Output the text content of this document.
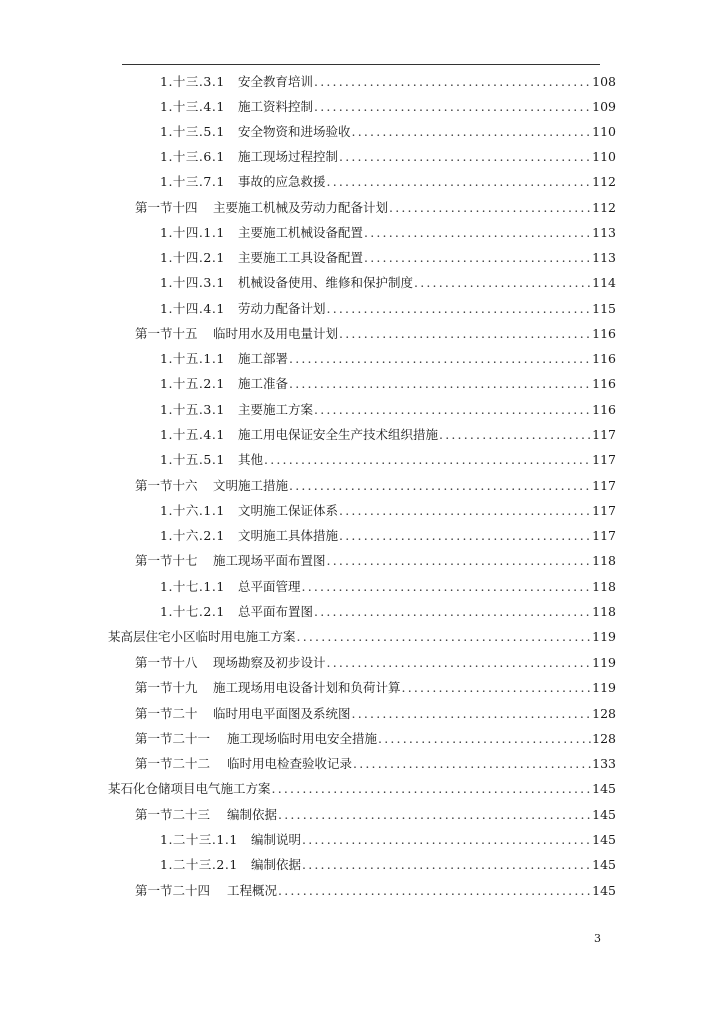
1.十三.3.1	安全教育培训 .....	108
1.十三.4.1	施工资料控制 .....	109
1.十三.5.1	安全物资和进场验收 .....	110
1.十三.6.1	施工现场过程控制 .....	110
1.十三.7.1	事故的应急救援 .....	112
第一节十四	主要施工机械及劳动力配备计划 .....	112
1.十四.1.1	主要施工机械设备配置 .....	113
1.十四.2.1	主要施工工具设备配置 .....	113
1.十四.3.1	机械设备使用、维修和保护制度 .....	114
1.十四.4.1	劳动力配备计划 .....	115
第一节十五	临时用水及用电量计划 .....	116
1.十五.1.1	施工部署 .....	116
1.十五.2.1	施工准备 .....	116
1.十五.3.1	主要施工方案 .....	116
1.十五.4.1	施工用电保证安全生产技术组织措施 .....	117
1.十五.5.1	其他 .....	117
第一节十六	文明施工措施 .....	117
1.十六.1.1	文明施工保证体系 .....	117
1.十六.2.1	文明施工具体措施 .....	117
第一节十七	施工现场平面布置图 .....	118
1.十七.1.1	总平面管理 .....	118
1.十七.2.1	总平面布置图 .....	118
某高层住宅小区临时用电施工方案 .....	119
第一节十八	现场勘察及初步设计 .....	119
第一节十九	施工现场用电设备计划和负荷计算 .....	119
第一节二十	临时用电平面图及系统图 .....	128
第一节二十一	施工现场临时用电安全措施 .....	128
第一节二十二	临时用电检查验收记录 .....	133
某石化仓储项目电气施工方案 .....	145
第一节二十三	编制依据 .....	145
1.二十三.1.1	编制说明 .....	145
1.二十三.2.1	编制依据 .....	145
第一节二十四	工程概况 .....	145
3
